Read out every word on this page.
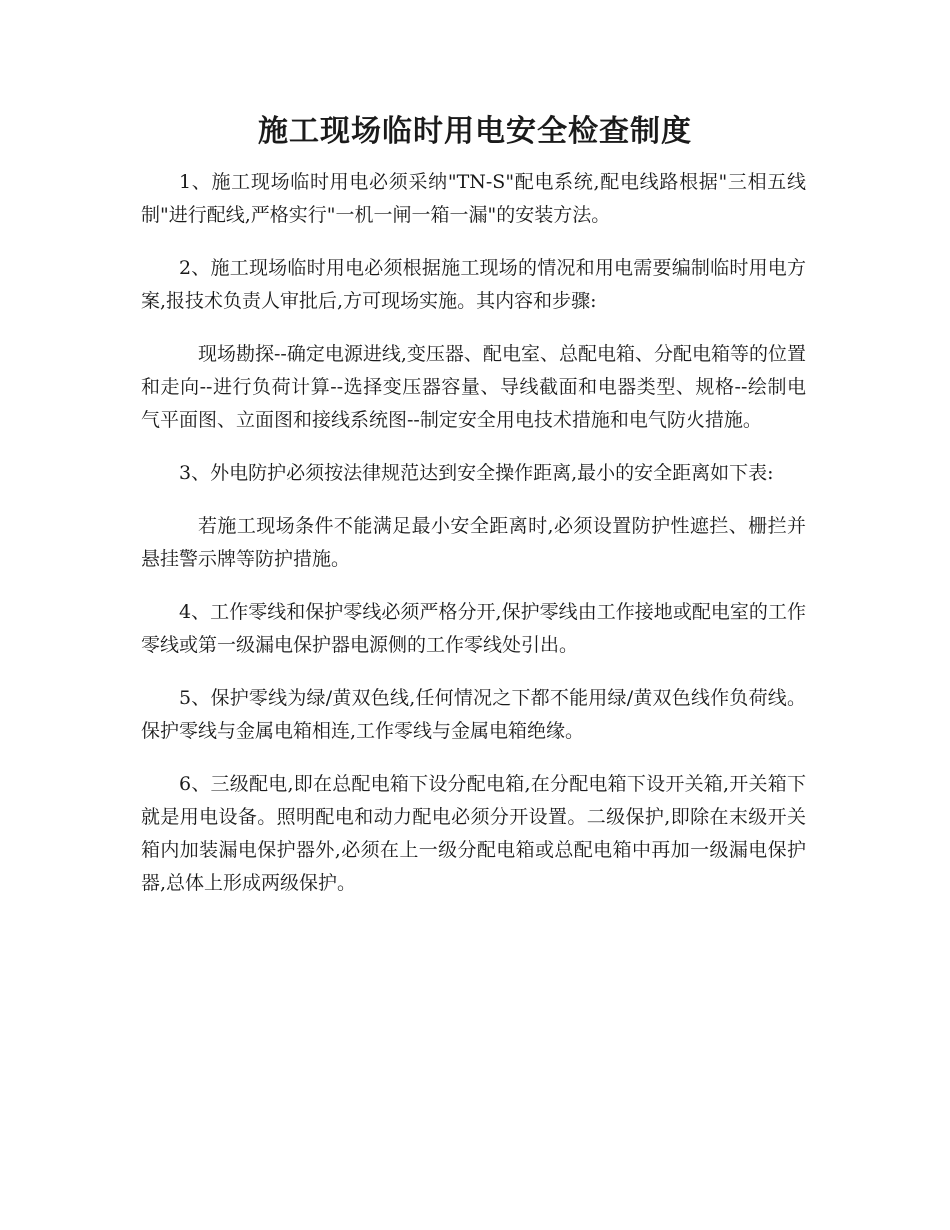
施工现场临时用电安全检查制度

1、施工现场临时用电必须采纳"TN-S"配电系统,配电线路根据"三相五线制"进行配线,严格实行"一机一闸一箱一漏"的安装方法。

2、施工现场临时用电必须根据施工现场的情况和用电需要编制临时用电方案,报技术负责人审批后,方可现场实施。其内容和步骤:

现场勘探--确定电源进线,变压器、配电室、总配电箱、分配电箱等的位置和走向--进行负荷计算--选择变压器容量、导线截面和电器类型、规格--绘制电气平面图、立面图和接线系统图--制定安全用电技术措施和电气防火措施。

3、外电防护必须按法律规范达到安全操作距离,最小的安全距离如下表:

若施工现场条件不能满足最小安全距离时,必须设置防护性遮拦、栅拦并悬挂警示牌等防护措施。

4、工作零线和保护零线必须严格分开,保护零线由工作接地或配电室的工作零线或第一级漏电保护器电源侧的工作零线处引出。

5、保护零线为绿/黄双色线,任何情况之下都不能用绿/黄双色线作负荷线。保护零线与金属电箱相连,工作零线与金属电箱绝缘。

6、三级配电,即在总配电箱下设分配电箱,在分配电箱下设开关箱,开关箱下就是用电设备。照明配电和动力配电必须分开设置。二级保护,即除在末级开关箱内加装漏电保护器外,必须在上一级分配电箱或总配电箱中再加一级漏电保护器,总体上形成两级保护。
